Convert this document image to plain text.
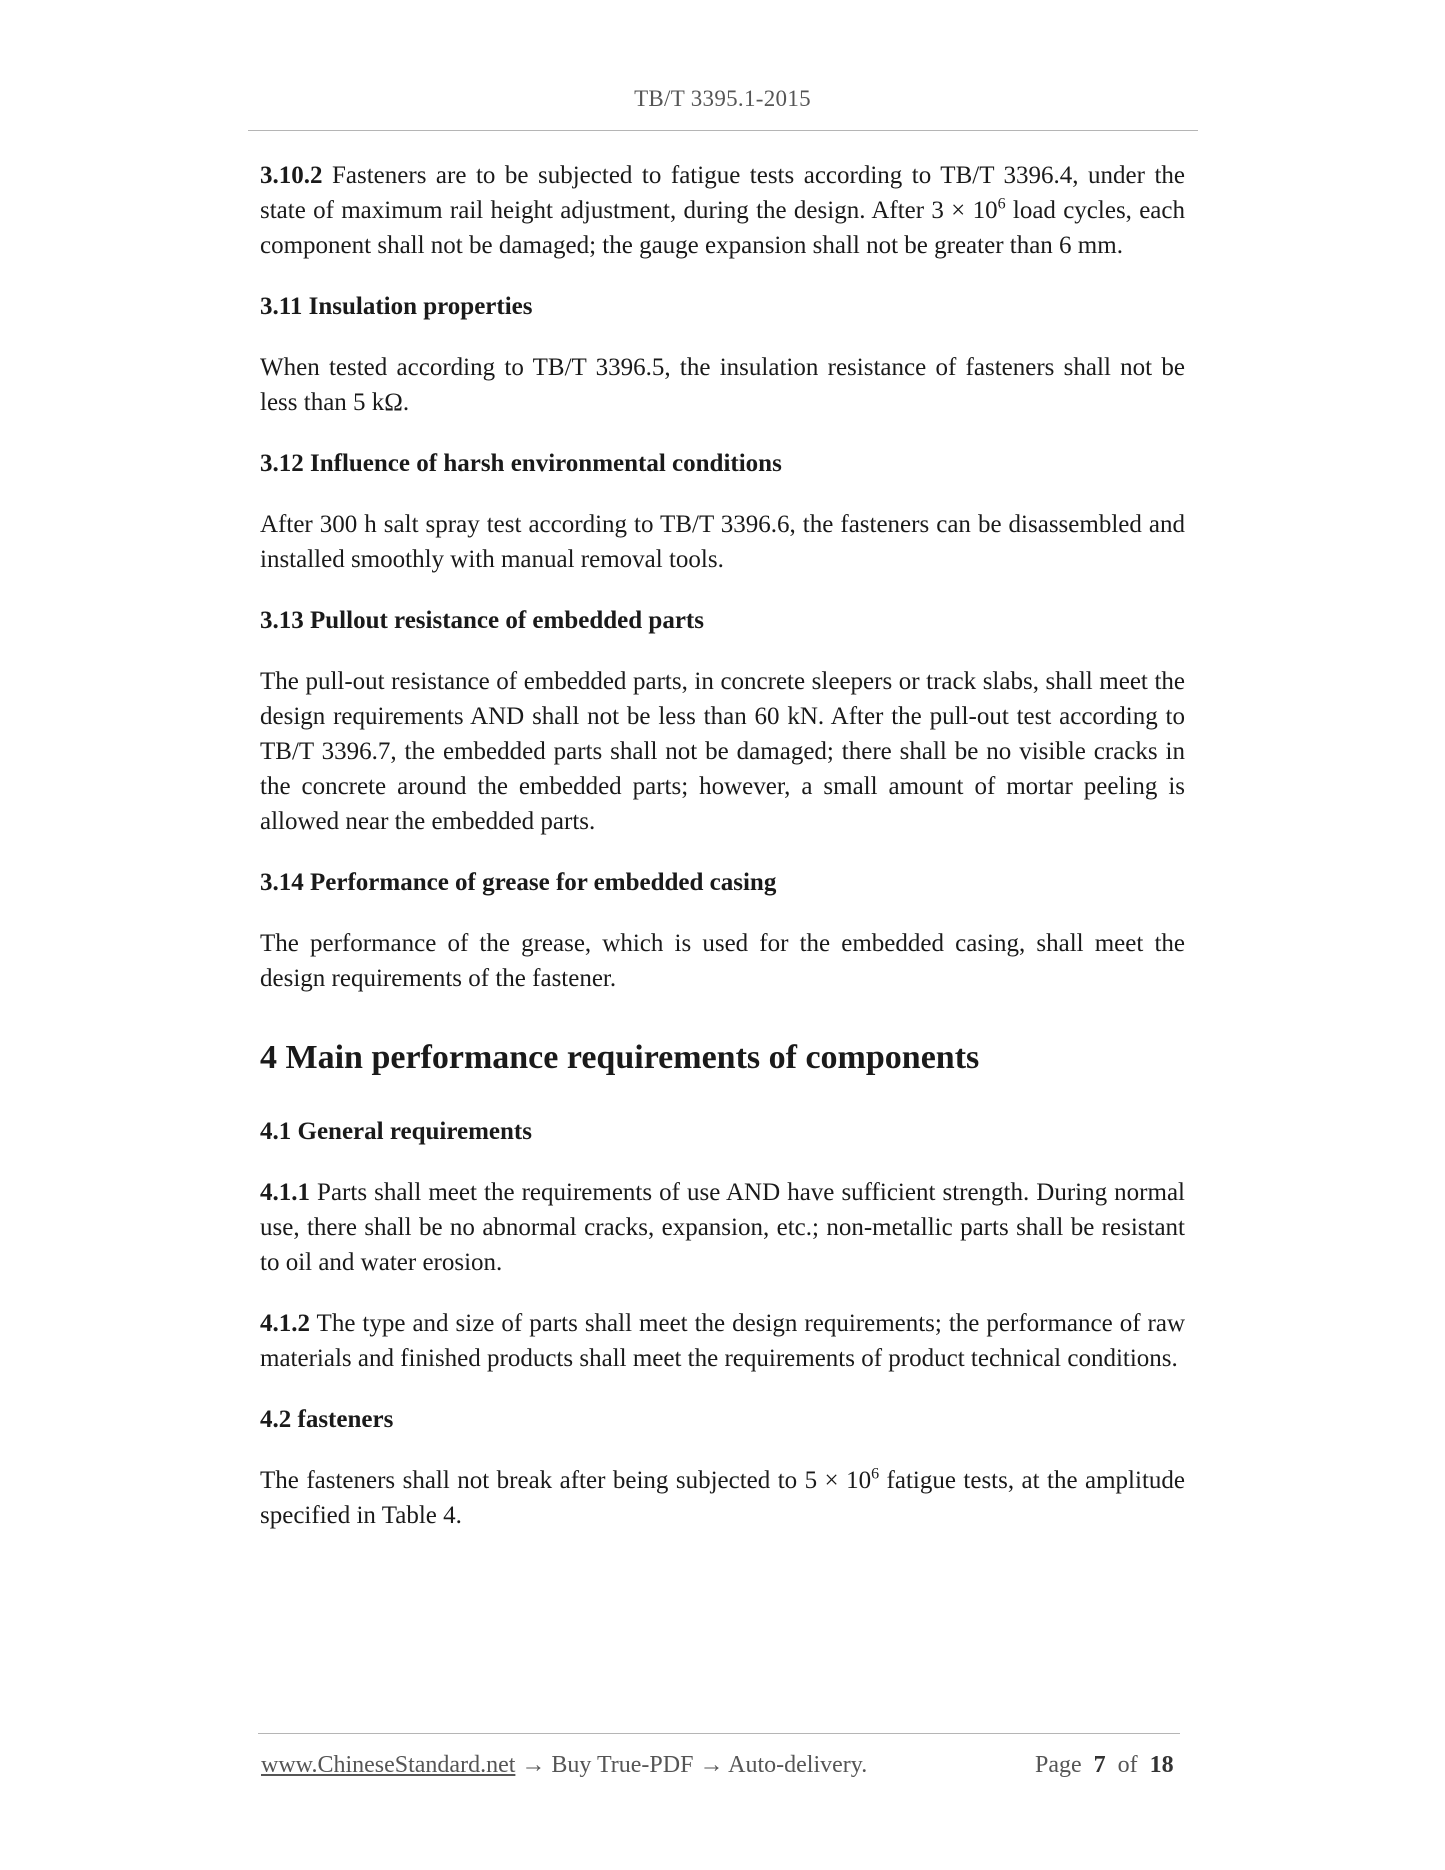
TB/T 3395.1-2015

3.10.2 Fasteners are to be subjected to fatigue tests according to TB/T 3396.4, under the state of maximum rail height adjustment, during the design. After $3 \times 10^6$ load cycles, each component shall not be damaged; the gauge expansion shall not be greater than 6 mm.

3.11 Insulation properties

When tested according to TB/T 3396.5, the insulation resistance of fasteners shall not be less than 5 kΩ.

3.12 Influence of harsh environmental conditions

After 300 h salt spray test according to TB/T 3396.6, the fasteners can be disassembled and installed smoothly with manual removal tools.

3.13 Pullout resistance of embedded parts

The pull-out resistance of embedded parts, in concrete sleepers or track slabs, shall meet the design requirements AND shall not be less than 60 kN. After the pull-out test according to TB/T 3396.7, the embedded parts shall not be damaged; there shall be no visible cracks in the concrete around the embedded parts; however, a small amount of mortar peeling is allowed near the embedded parts.

3.14 Performance of grease for embedded casing

The performance of the grease, which is used for the embedded casing, shall meet the design requirements of the fastener.

4 Main performance requirements of components
4.1 General requirements

4.1.1 Parts shall meet the requirements of use AND have sufficient strength. During normal use, there shall be no abnormal cracks, expansion, etc.; non-metallic parts shall be resistant to oil and water erosion.

4.1.2 The type and size of parts shall meet the design requirements; the performance of raw materials and finished products shall meet the requirements of product technical conditions.

4.2 fasteners

The fasteners shall not break after being subjected to $5 \times 10^6$ fatigue tests, at the amplitude specified in Table 4.

www.ChineseStandard.net → Buy True-PDF → Auto-delivery.	Page 7 of 18
